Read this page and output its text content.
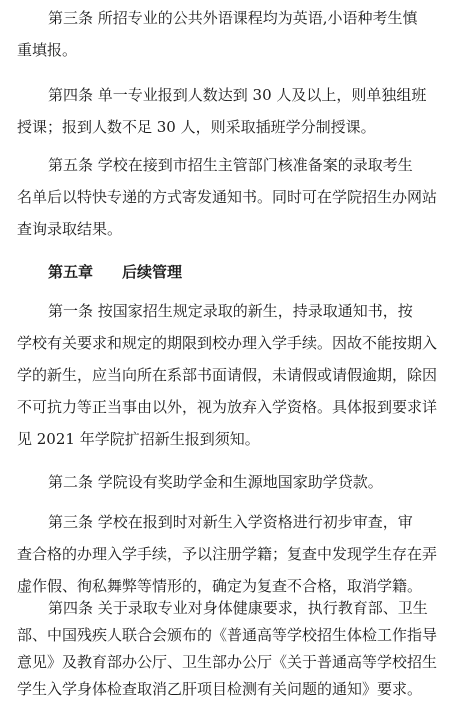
第三条 所招专业的公共外语课程均为英语,小语种考生慎
重填报。
第四条 单一专业报到人数达到 30 人及以上，则单独组班
授课；报到人数不足 30 人，则采取插班学分制授课。
第五条 学校在接到市招生主管部门核准备案的录取考生
名单后以特快专递的方式寄发通知书。同时可在学院招生办网站
查询录取结果。
第五章 后续管理
第一条 按国家招生规定录取的新生，持录取通知书，按
学校有关要求和规定的期限到校办理入学手续。因故不能按期入
学的新生，应当向所在系部书面请假，未请假或请假逾期，除因
不可抗力等正当事由以外，视为放弃入学资格。具体报到要求详
见 2021 年学院扩招新生报到须知。
第二条 学院设有奖助学金和生源地国家助学贷款。
第三条 学校在报到时对新生入学资格进行初步审查，审
查合格的办理入学手续，予以注册学籍；复查中发现学生存在弄
虚作假、徇私舞弊等情形的，确定为复查不合格，取消学籍。
第四条 关于录取专业对身体健康要求，执行教育部、卫生
部、中国残疾人联合会颁布的《普通高等学校招生体检工作指导
意见》及教育部办公厅、卫生部办公厅《关于普通高等学校招生
学生入学身体检查取消乙肝项目检测有关问题的通知》要求。
